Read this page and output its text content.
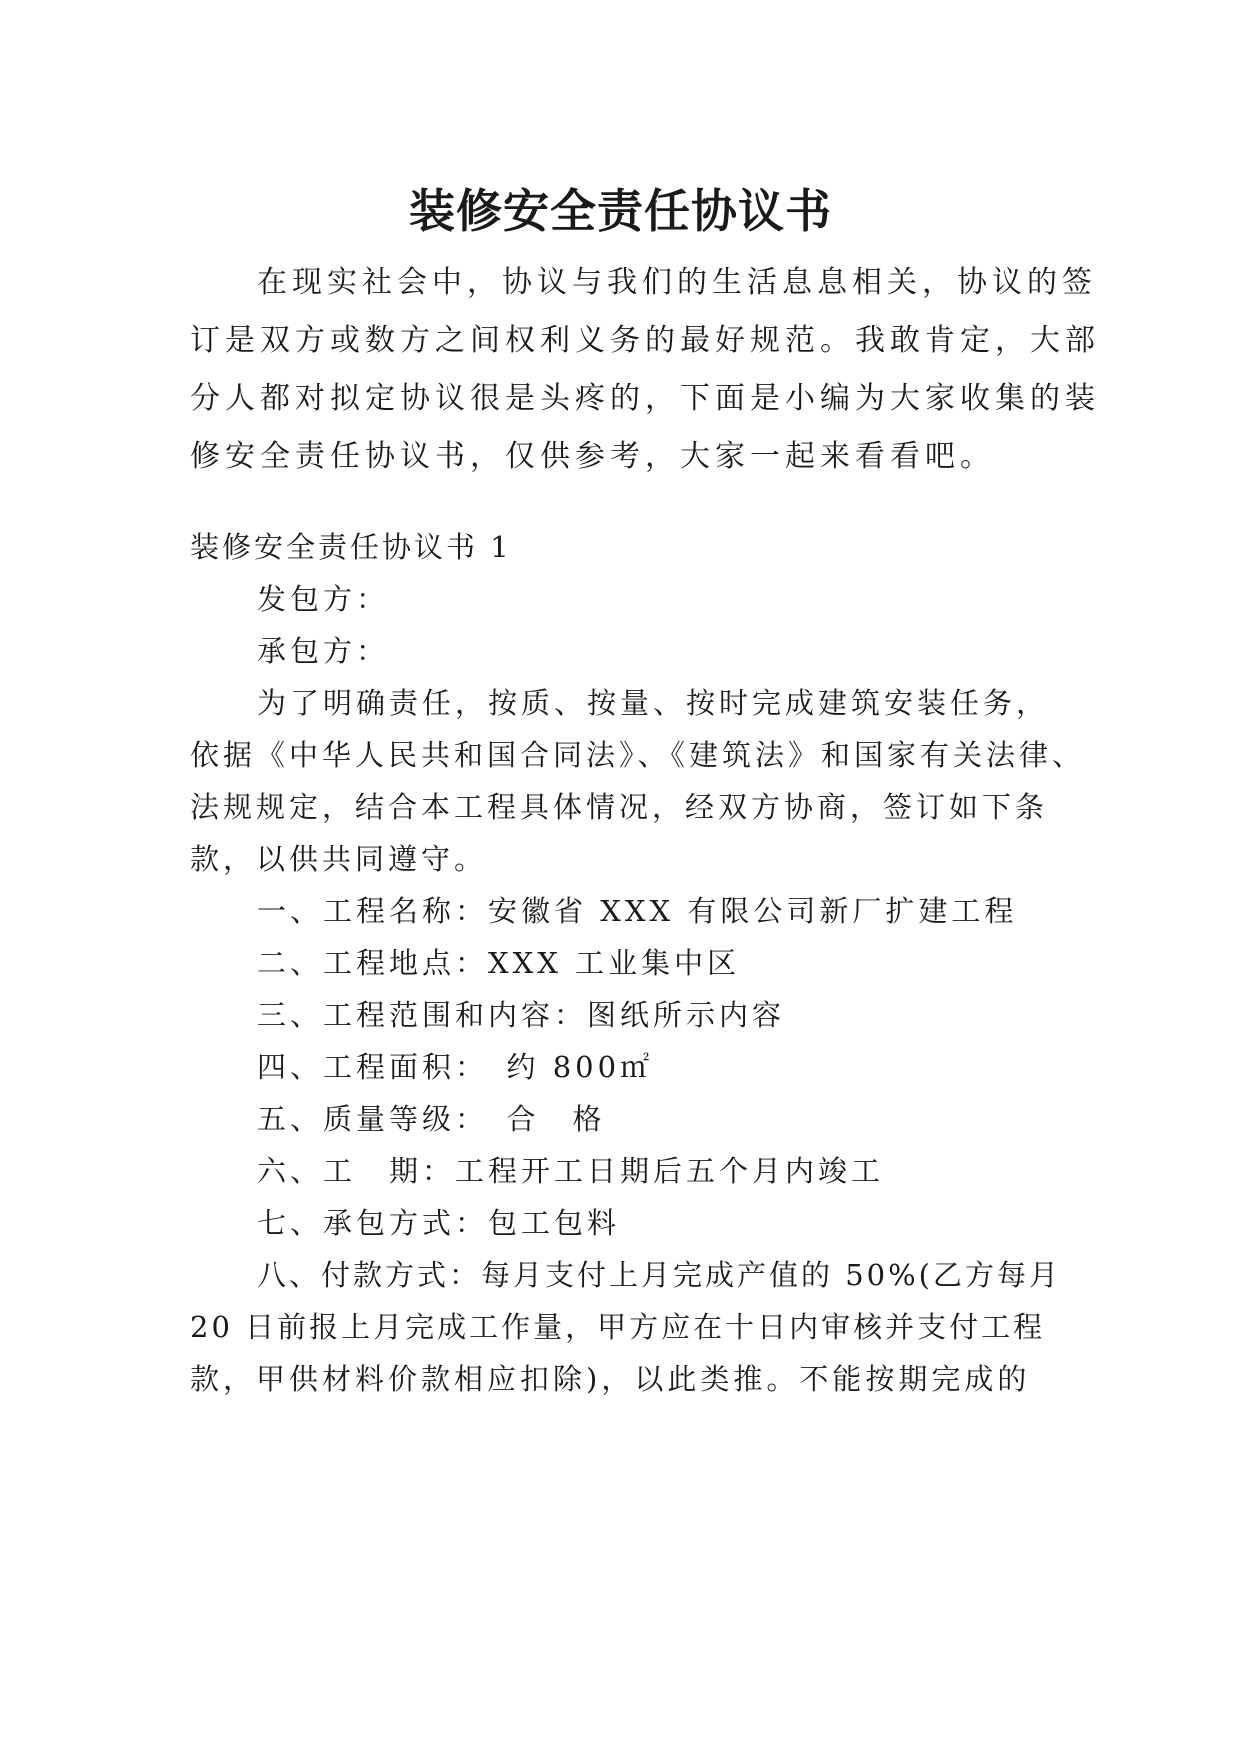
装修安全责任协议书
在现实社会中，协议与我们的生活息息相关，协议的签
订是双方或数方之间权利义务的最好规范。我敢肯定，大部
分人都对拟定协议很是头疼的，下面是小编为大家收集的装
修安全责任协议书，仅供参考，大家一起来看看吧。
装修安全责任协议书 1
发包方：
承包方：
为了明确责任，按质、按量、按时完成建筑安装任务，
依据《中华人民共和国合同法》、《建筑法》和国家有关法律、
法规规定，结合本工程具体情况，经双方协商，签订如下条
款，以供共同遵守。
一、工程名称：安徽省 XXX 有限公司新厂扩建工程
二、工程地点：XXX 工业集中区
三、工程范围和内容：图纸所示内容
四、工程面积：　约 800㎡
五、质量等级：　合　格
六、工　期：工程开工日期后五个月内竣工
七、承包方式：包工包料
八、付款方式：每月支付上月完成产值的 50%(乙方每月
20 日前报上月完成工作量，甲方应在十日内审核并支付工程
款，甲供材料价款相应扣除)，以此类推。不能按期完成的
